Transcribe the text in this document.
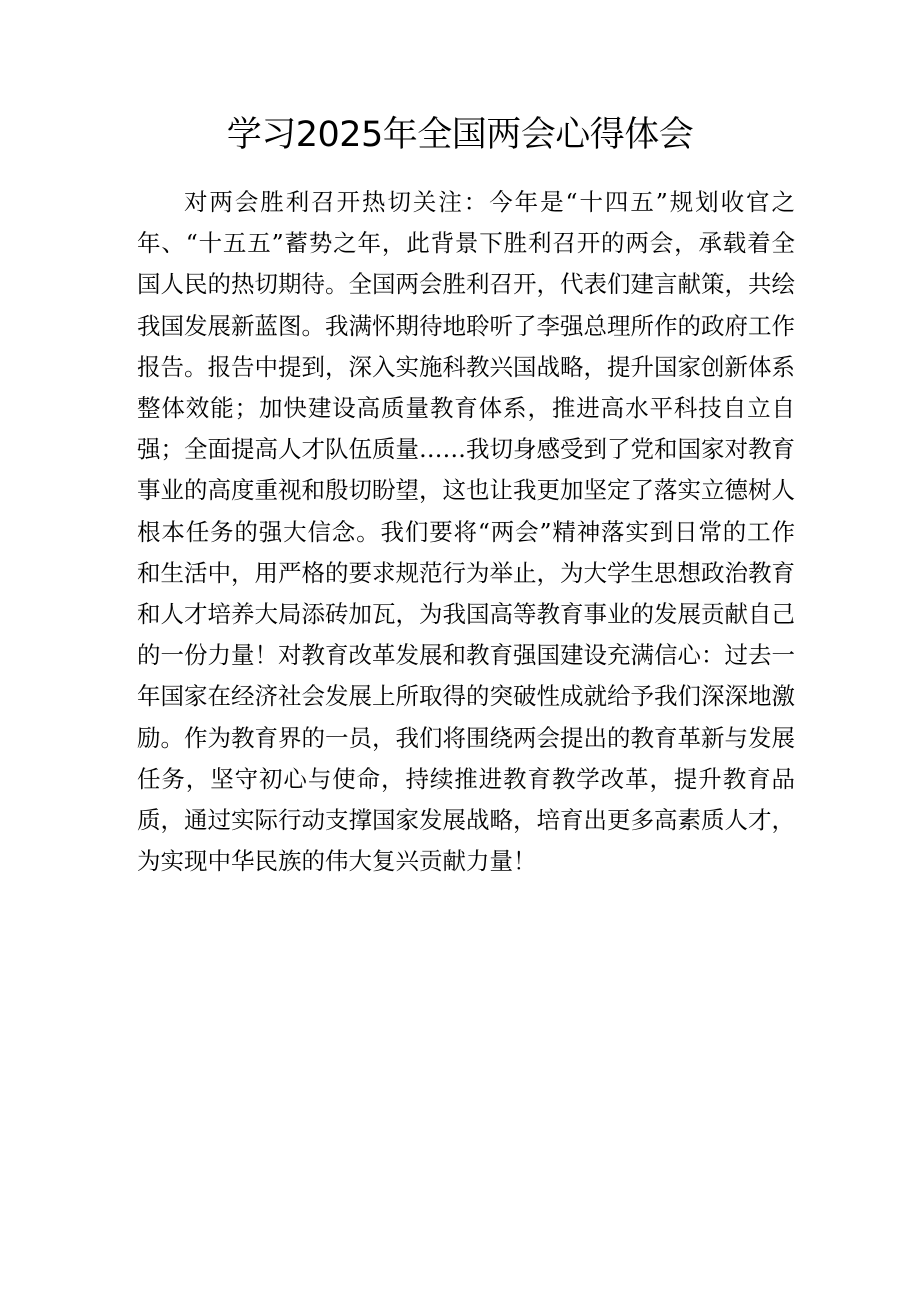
学习2025年全国两会心得体会

对两会胜利召开热切关注：今年是“十四五”规划收官之年、“十五五”蓄势之年，此背景下胜利召开的两会，承载着全国人民的热切期待。全国两会胜利召开，代表们建言献策，共绘我国发展新蓝图。我满怀期待地聆听了李强总理所作的政府工作报告。报告中提到，深入实施科教兴国战略，提升国家创新体系整体效能；加快建设高质量教育体系，推进高水平科技自立自强；全面提高人才队伍质量……我切身感受到了党和国家对教育事业的高度重视和殷切盼望，这也让我更加坚定了落实立德树人根本任务的强大信念。我们要将“两会”精神落实到日常的工作和生活中，用严格的要求规范行为举止，为大学生思想政治教育和人才培养大局添砖加瓦，为我国高等教育事业的发展贡献自己的一份力量！对教育改革发展和教育强国建设充满信心：过去一年国家在经济社会发展上所取得的突破性成就给予我们深深地激励。作为教育界的一员，我们将围绕两会提出的教育革新与发展任务，坚守初心与使命，持续推进教育教学改革，提升教育品质，通过实际行动支撑国家发展战略，培育出更多高素质人才，为实现中华民族的伟大复兴贡献力量！
